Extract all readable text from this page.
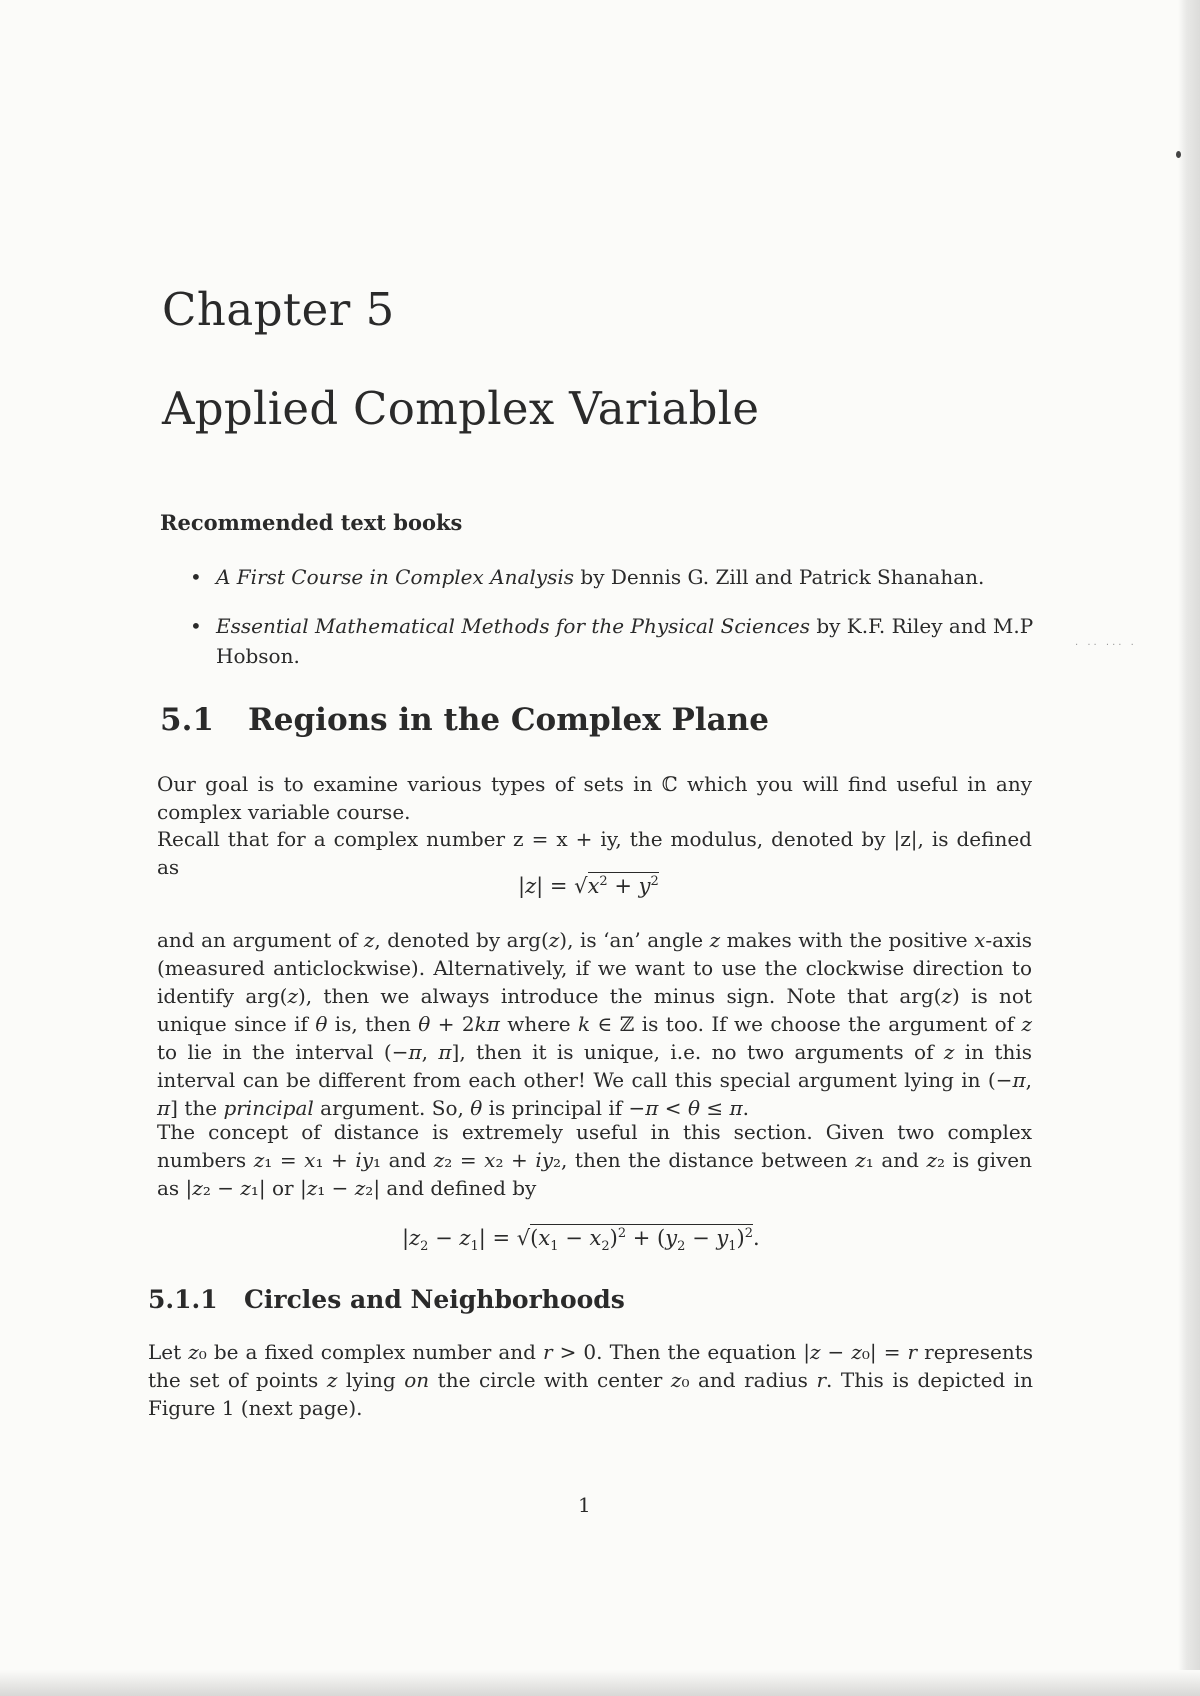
· ·· ··· ·
Chapter 5
Applied Complex Variable
Recommended text books
• A First Course in Complex Analysis by Dennis G. Zill and Patrick Shanahan.
• Essential Mathematical Methods for the Physical Sciences by K.F. Riley and M.P Hobson.
5.1 Regions in the Complex Plane
Our goal is to examine various types of sets in ℂ which you will find useful in any complex variable course.
Recall that for a complex number z = x + iy, the modulus, denoted by |z|, is defined as
$|z| = √x^2 + y^2$
and an argument of z, denoted by arg(z), is ‘an’ angle z makes with the positive x-axis (measured anticlockwise). Alternatively, if we want to use the clockwise direction to identify arg(z), then we always introduce the minus sign. Note that arg(z) is not unique since if θ is, then θ + 2kπ where k ∈ ℤ is too. If we choose the argument of z to lie in the interval (−π, π], then it is unique, i.e. no two arguments of z in this interval can be different from each other! We call this special argument lying in (−π, π] the principal argument. So, θ is principal if −π < θ ≤ π.
The concept of distance is extremely useful in this section. Given two complex numbers z₁ = x₁ + iy₁ and z₂ = x₂ + iy₂, then the distance between z₁ and z₂ is given as |z₂ − z₁| or |z₁ − z₂| and defined by
$|z_2 - z_1| = √(x_1 - x_2)^2 + (y_2 - y_1)^2$.
5.1.1 Circles and Neighborhoods
Let z₀ be a fixed complex number and r > 0. Then the equation |z − z₀| = r represents the set of points z lying on the circle with center z₀ and radius r. This is depicted in Figure 1 (next page).
1
